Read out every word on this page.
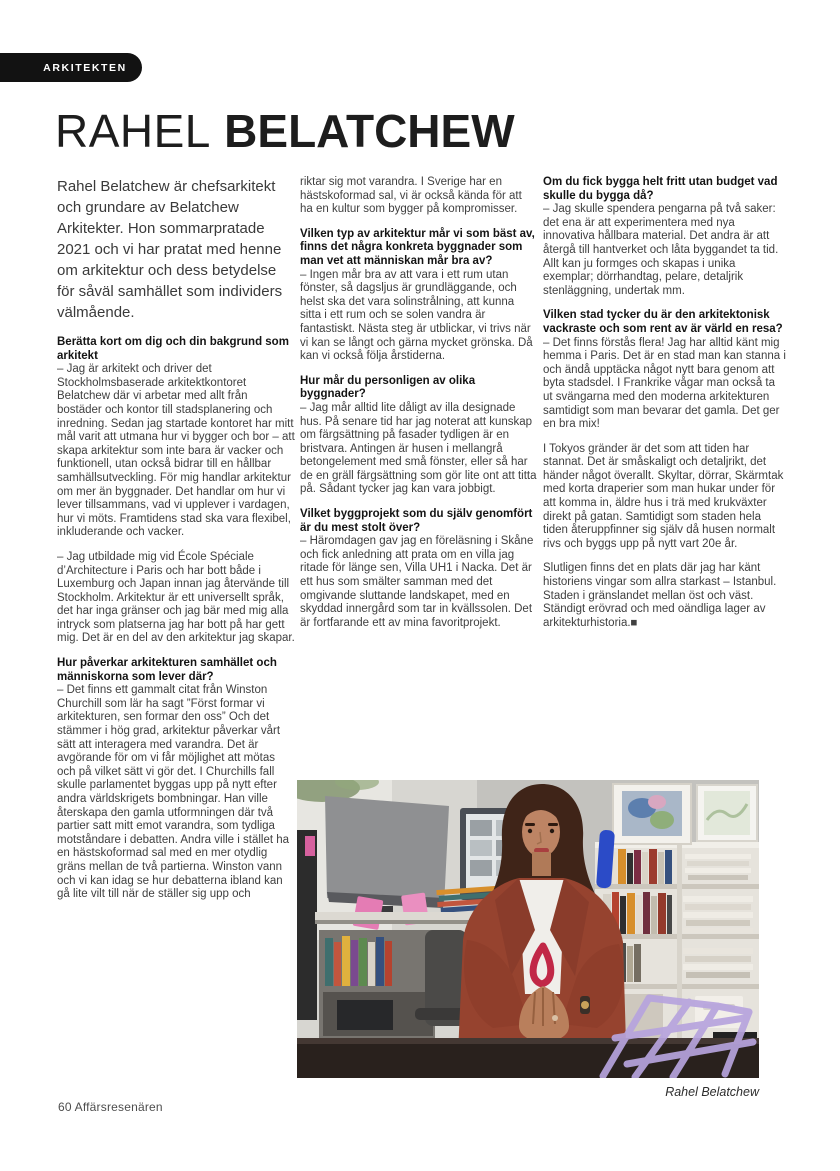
ARKITEKTEN
RAHEL BELATCHEW

Rahel Belatchew är chefsarkitekt och grundare av Belatchew Arkitekter. Hon sommarpratade 2021 och vi har pratat med henne om arkitektur och dess betydelse för såväl samhället som individers välmående.

Berätta kort om dig och din bakgrund som arkitekt

– Jag är arkitekt och driver det Stockholmsbaserade arkitektkontoret Belatchew där vi arbetar med allt från bostäder och kontor till stadsplanering och inredning. Sedan jag startade kontoret har mitt mål varit att utmana hur vi bygger och bor – att skapa arkitektur som inte bara är vacker och funktionell, utan också bidrar till en hållbar samhällsutveckling. För mig handlar arkitektur om mer än byggnader. Det handlar om hur vi lever tillsammans, vad vi upplever i vardagen, hur vi möts. Framtidens stad ska vara flexibel, inkluderande och vacker.

– Jag utbildade mig vid École Spéciale d’Architecture i Paris och har bott både i Luxemburg och Japan innan jag återvände till Stockholm. Arkitektur är ett universellt språk, det har inga gränser och jag bär med mig alla intryck som platserna jag har bott på har gett mig. Det är en del av den arkitektur jag skapar.

Hur påverkar arkitekturen samhället och människorna som lever där?

– Det finns ett gammalt citat från Winston Churchill som lär ha sagt ”Först formar vi arkitekturen, sen formar den oss” Och det stämmer i hög grad, arkitektur påverkar vårt sätt att interagera med varandra. Det är avgörande för om vi får möjlighet att mötas och på vilket sätt vi gör det. I Churchills fall skulle parlamentet byggas upp på nytt efter andra världskrigets bombningar. Han ville återskapa den gamla utformningen där två partier satt mitt emot varandra, som tydliga motståndare i debatten. Andra ville i stället ha en hästskoformad sal med en mer otydlig gräns mellan de två partierna. Winston vann och vi kan idag se hur debatterna ibland kan gå lite vilt till när de ställer sig upp och

riktar sig mot varandra. I Sverige har en hästskoformad sal, vi är också kända för att ha en kultur som bygger på kompromisser.

Vilken typ av arkitektur mår vi som bäst av, finns det några konkreta byggnader som man vet att människan mår bra av?

– Ingen mår bra av att vara i ett rum utan fönster, så dagsljus är grundläggande, och helst ska det vara solinstrålning, att kunna sitta i ett rum och se solen vandra är fantastiskt. Nästa steg är utblickar, vi trivs när vi kan se långt och gärna mycket grönska. Då kan vi också följa årstiderna.

Hur mår du personligen av olika byggnader?

– Jag mår alltid lite dåligt av illa designade hus. På senare tid har jag noterat att kunskap om färgsättning på fasader tydligen är en bristvara. Antingen är husen i mellangrå betongelement med små fönster, eller så har de en gräll färgsättning som gör lite ont att titta på. Sådant tycker jag kan vara jobbigt.

Vilket byggprojekt som du själv genomfört är du mest stolt över?

– Häromdagen gav jag en föreläsning i Skåne och fick anledning att prata om en villa jag ritade för länge sen, Villa UH1 i Nacka. Det är ett hus som smälter samman med det omgivande sluttande landskapet, med en skyddad innergård som tar in kvällssolen. Det är fortfarande ett av mina favoritprojekt.

Om du fick bygga helt fritt utan budget vad skulle du bygga då?

– Jag skulle spendera pengarna på två saker: det ena är att experimentera med nya innovativa hållbara material. Det andra är att återgå till hantverket och låta byggandet ta tid. Allt kan ju formges och skapas i unika exemplar; dörrhandtag, pelare, detaljrik stenläggning, undertak mm.

Vilken stad tycker du är den arkitektonisk vackraste och som rent av är värld en resa?

– Det finns förstås flera! Jag har alltid känt mig hemma i Paris. Det är en stad man kan stanna i och ändå upptäcka något nytt bara genom att byta stadsdel. I Frankrike vågar man också ta ut svängarna med den moderna arkitekturen samtidigt som man bevarar det gamla. Det ger en bra mix!

I Tokyos gränder är det som att tiden har stannat. Det är småskaligt och detaljrikt, det händer något överallt. Skyltar, dörrar, Skärmtak med korta draperier som man hukar under för att komma in, äldre hus i trä med krukväxter direkt på gatan. Samtidigt som staden hela tiden återuppfinner sig själv då husen normalt rivs och byggs upp på nytt vart 20e år.

Slutligen finns det en plats där jag har känt historiens vingar som allra starkast – Istanbul. Staden i gränslandet mellan öst och väst. Ständigt erövrad och med oändliga lager av arkitekturhistoria.■

Rahel Belatchew
60 Affärsresenären
